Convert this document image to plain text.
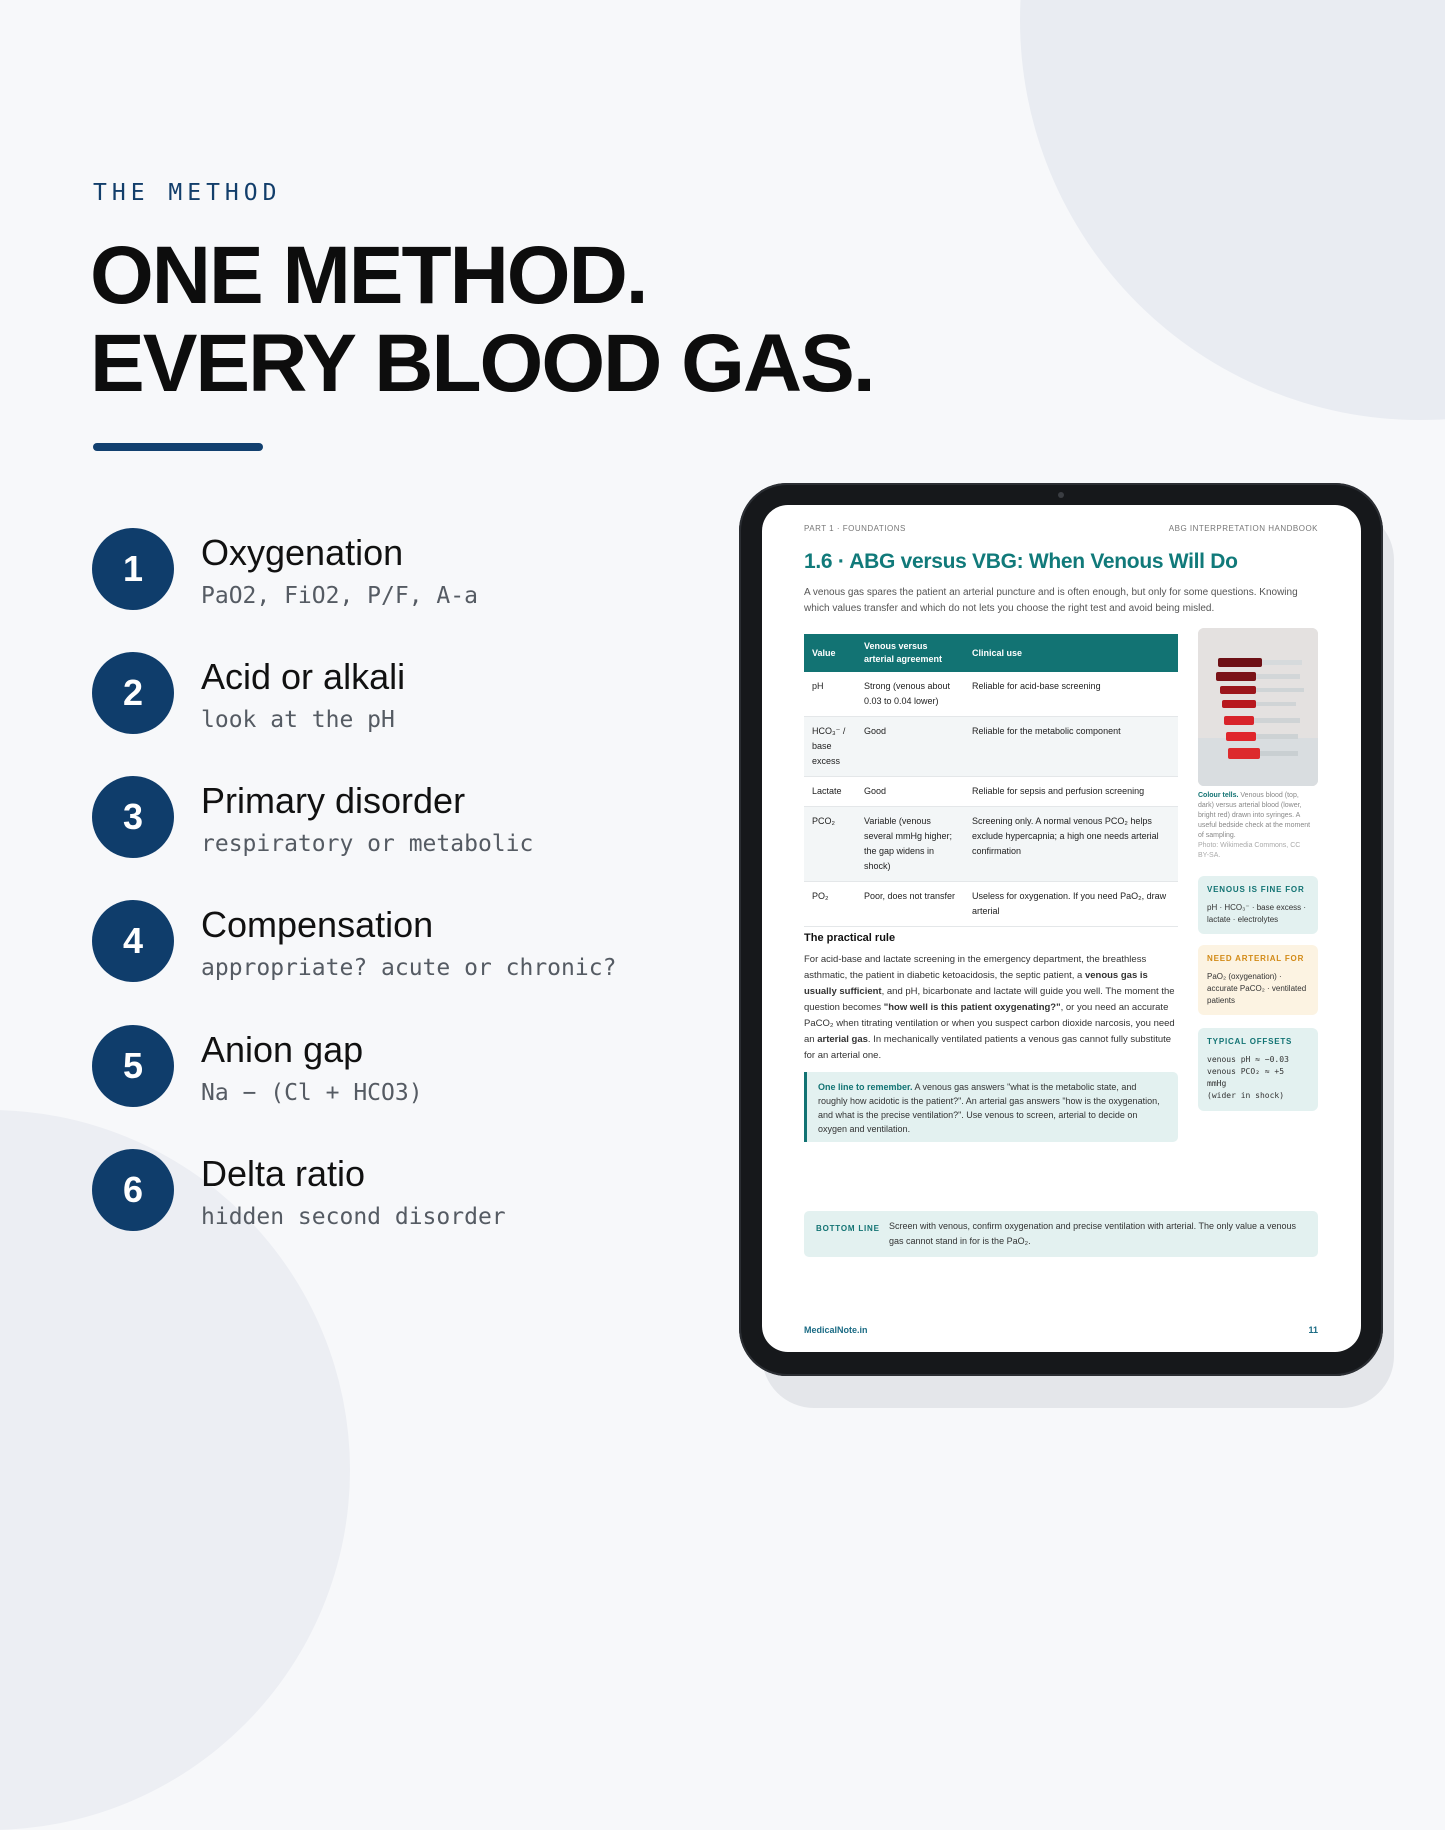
THE METHOD
ONE METHOD.
EVERY BLOOD GAS.
1	Oxygenation
PaO2, FiO2, P/F, A-a
2	Acid or alkali
look at the pH
3	Primary disorder
respiratory or metabolic
4	Compensation
appropriate? acute or chronic?
5	Anion gap
Na − (Cl + HCO3)
6	Delta ratio
hidden second disorder
PART 1 · FOUNDATIONS	ABG INTERPRETATION HANDBOOK
1.6 · ABG versus VBG: When Venous Will Do
A venous gas spares the patient an arterial puncture and is often enough, but only for some questions. Knowing which values transfer and which do not lets you choose the right test and avoid being misled.
Value	Venous versus arterial agreement	Clinical use
pH	Strong (venous about 0.03 to 0.04 lower)	Reliable for acid-base screening
HCO₃⁻ / base excess	Good	Reliable for the metabolic component
Lactate	Good	Reliable for sepsis and perfusion screening
PCO₂	Variable (venous several mmHg higher; the gap widens in shock)	Screening only. A normal venous PCO₂ helps exclude hypercapnia; a high one needs arterial confirmation
PO₂	Poor, does not transfer	Useless for oxygenation. If you need PaO₂, draw arterial
Colour tells. Venous blood (top, dark) versus arterial blood (lower, bright red) drawn into syringes. A useful bedside check at the moment of sampling.
Photo: Wikimedia Commons, CC BY-SA.
VENOUS IS FINE FOR
pH · HCO₃⁻ · base excess · lactate · electrolytes
NEED ARTERIAL FOR
PaO₂ (oxygenation) · accurate PaCO₂ · ventilated patients
TYPICAL OFFSETS
venous pH ≈ −0.03
venous PCO₂ ≈ +5
mmHg
(wider in shock)
The practical rule
For acid-base and lactate screening in the emergency department, the breathless asthmatic, the patient in diabetic ketoacidosis, the septic patient, a venous gas is usually sufficient, and pH, bicarbonate and lactate will guide you well. The moment the question becomes "how well is this patient oxygenating?", or you need an accurate PaCO₂ when titrating ventilation or when you suspect carbon dioxide narcosis, you need an arterial gas. In mechanically ventilated patients a venous gas cannot fully substitute for an arterial one.
One line to remember. A venous gas answers "what is the metabolic state, and roughly how acidotic is the patient?". An arterial gas answers "how is the oxygenation, and what is the precise ventilation?". Use venous to screen, arterial to decide on oxygen and ventilation.
BOTTOM LINE Screen with venous, confirm oxygenation and precise ventilation with arterial. The only value a venous gas cannot stand in for is the PaO₂.
MedicalNote.in	11
